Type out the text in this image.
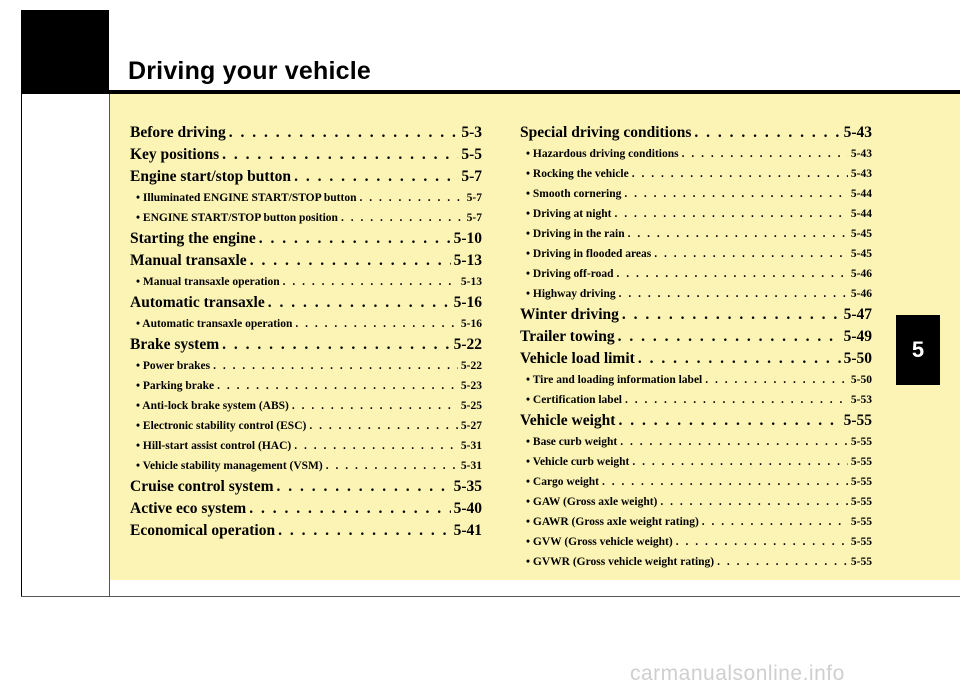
Driving your vehicle
Before driving . . .	5-3
Key positions . . .	5-5
Engine start/stop button . . .	5-7
• Illuminated ENGINE START/STOP button . . .	5-7
• ENGINE START/STOP button position . . .	5-7
Starting the engine . . .	5-10
Manual transaxle . . .	5-13
• Manual transaxle operation . . .	5-13
Automatic transaxle . . .	5-16
• Automatic transaxle operation . . .	5-16
Brake system . . .	5-22
• Power brakes . . .	5-22
• Parking brake . . .	5-23
• Anti-lock brake system (ABS) . . .	5-25
• Electronic stability control (ESC) . . .	5-27
• Hill-start assist control (HAC) . . .	5-31
• Vehicle stability management (VSM) . . .	5-31
Cruise control system . . .	5-35
Active eco system . . .	5-40
Economical operation . . .	5-41
Special driving conditions . . .	5-43
• Hazardous driving conditions . . .	5-43
• Rocking the vehicle . . .	5-43
• Smooth cornering . . .	5-44
• Driving at night . . .	5-44
• Driving in the rain . . .	5-45
• Driving in flooded areas . . .	5-45
• Driving off-road . . .	5-46
• Highway driving . . .	5-46
Winter driving . . .	5-47
Trailer towing . . .	5-49
Vehicle load limit . . .	5-50
• Tire and loading information label . . .	5-50
• Certification label . . .	5-53
Vehicle weight . . .	5-55
• Base curb weight . . .	5-55
• Vehicle curb weight . . .	5-55
• Cargo weight . . .	5-55
• GAW (Gross axle weight) . . .	5-55
• GAWR (Gross axle weight rating) . . .	5-55
• GVW (Gross vehicle weight) . . .	5-55
• GVWR (Gross vehicle weight rating) . . .	5-55
5
carmanualsonline.info
